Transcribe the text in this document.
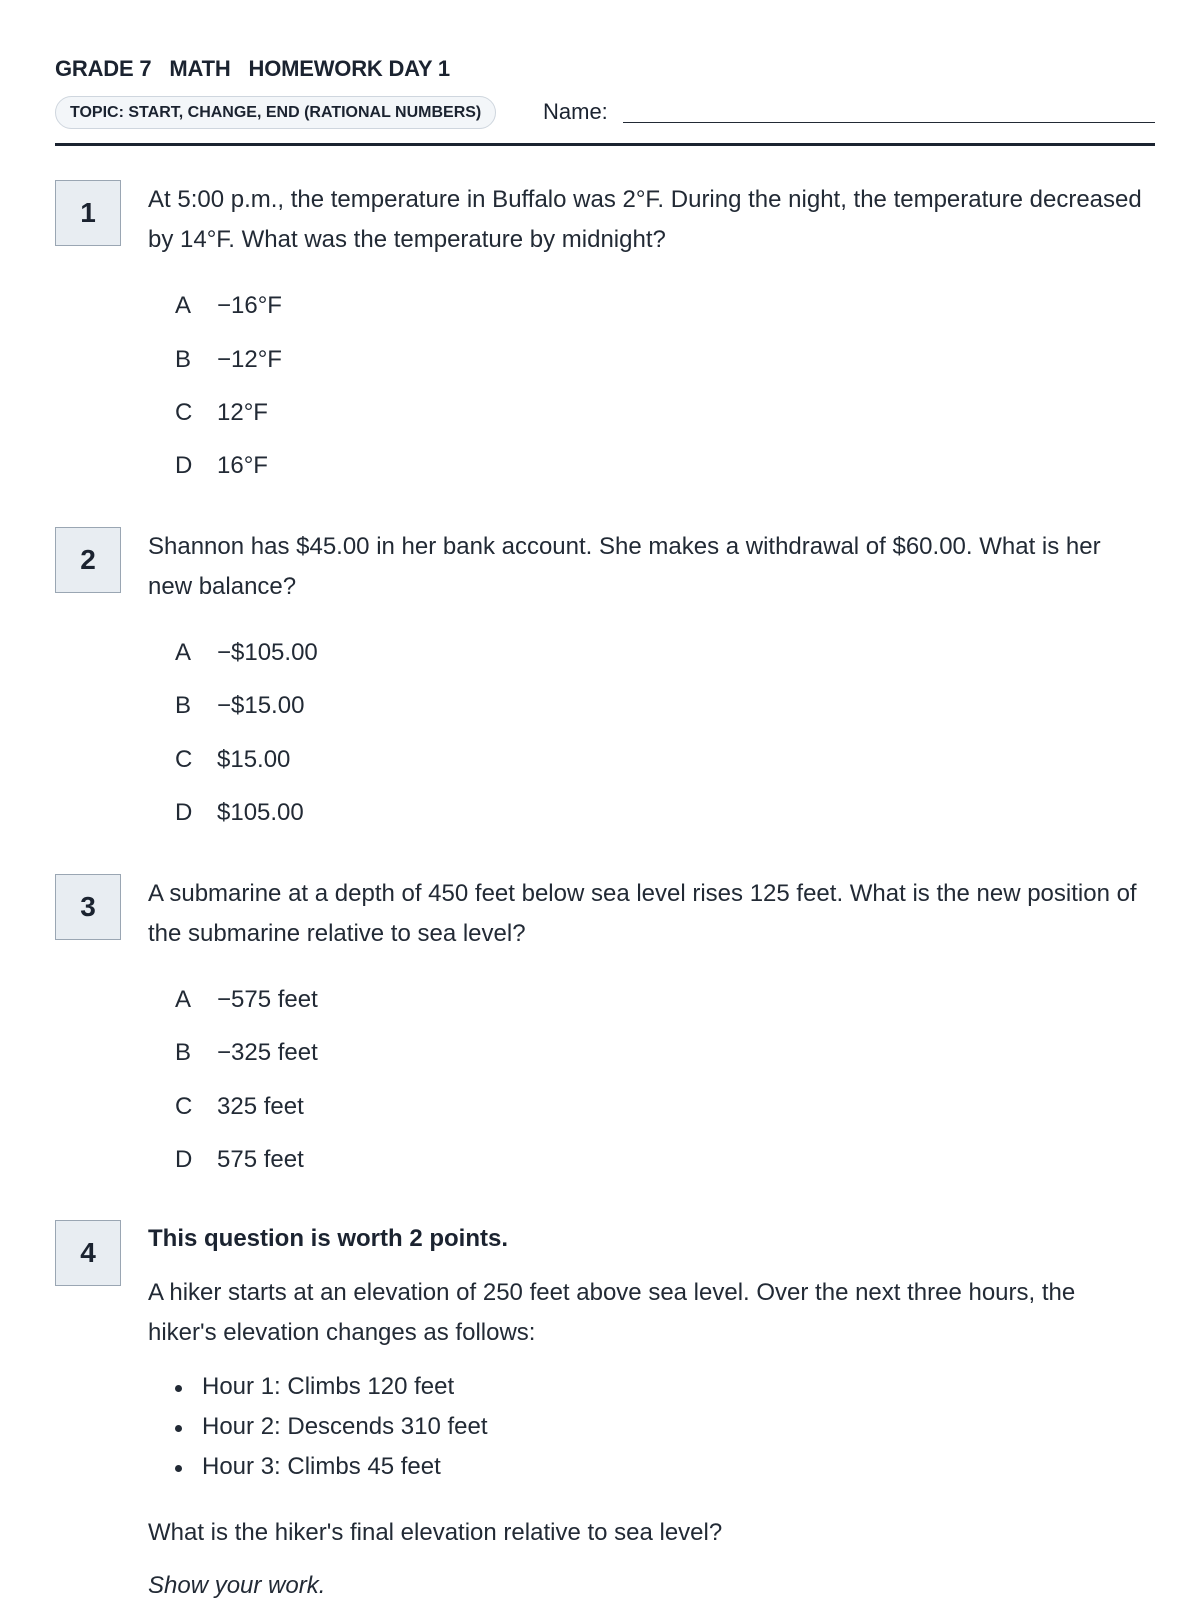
GRADE 7 MATH HOMEWORK DAY 1
TOPIC: START, CHANGE, END (RATIONAL NUMBERS)	Name:
1	At 5:00 p.m., the temperature in Buffalo was 2°F. During the night, the temperature decreased by 14°F. What was the temperature by midnight?
A	−16°F
B	−12°F
C	12°F
D	16°F
2	Shannon has $45.00 in her bank account. She makes a withdrawal of $60.00. What is her new balance?
A	−$105.00
B	−$15.00
C	$15.00
D	$105.00
3	A submarine at a depth of 450 feet below sea level rises 125 feet. What is the new position of the submarine relative to sea level?
A	−575 feet
B	−325 feet
C	325 feet
D	575 feet
4	This question is worth 2 points.
A hiker starts at an elevation of 250 feet above sea level. Over the next three hours, the hiker's elevation changes as follows:
Hour 1: Climbs 120 feet
Hour 2: Descends 310 feet
Hour 3: Climbs 45 feet
What is the hiker's final elevation relative to sea level?
Show your work.
